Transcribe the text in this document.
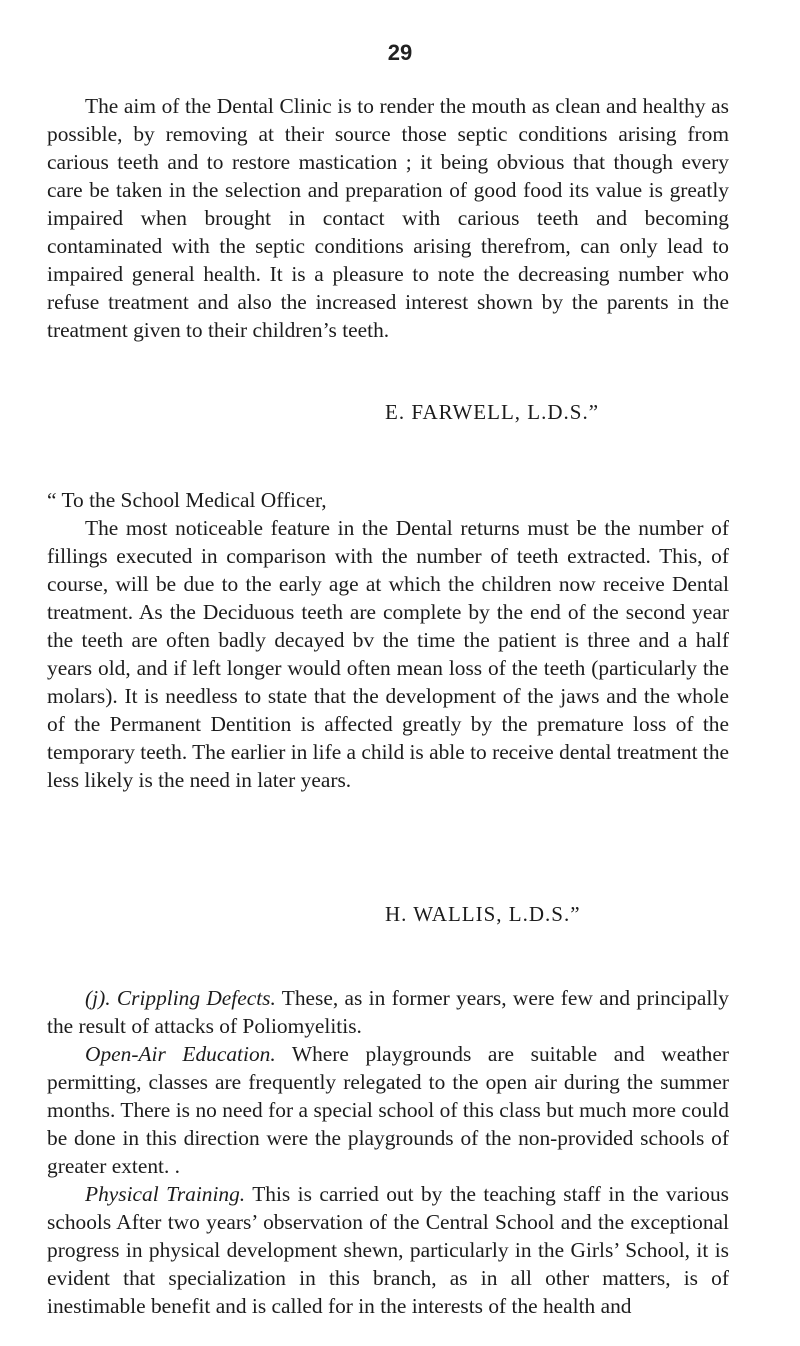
29

The aim of the Dental Clinic is to render the mouth as clean and healthy as possible, by removing at their source those septic conditions arising from carious teeth and to restore mastication ; it being obvious that though every care be taken in the selection and preparation of good food its value is greatly impaired when brought in contact with carious teeth and becoming contaminated with the septic conditions arising therefrom, can only lead to impaired general health. It is a pleasure to note the decreasing number who refuse treatment and also the increased interest shown by the parents in the treatment given to their children’s teeth.

E. FARWELL, L.D.S.”

“ To the School Medical Officer,

The most noticeable feature in the Dental returns must be the number of fillings executed in comparison with the number of teeth extracted. This, of course, will be due to the early age at which the children now receive Dental treatment. As the Deciduous teeth are complete by the end of the second year the teeth are often badly decayed bv the time the patient is three and a half years old, and if left longer would often mean loss of the teeth (particularly the molars). It is needless to state that the development of the jaws and the whole of the Permanent Dentition is affected greatly by the premature loss of the temporary teeth. The earlier in life a child is able to receive dental treatment the less likely is the need in later years.

H. WALLIS, L.D.S.”

(j). Crippling Defects. These, as in former years, were few and principally the result of attacks of Poliomyelitis.

Open-Air Education. Where playgrounds are suitable and weather permitting, classes are frequently relegated to the open air during the summer months. There is no need for a special school of this class but much more could be done in this direction were the playgrounds of the non-provided schools of greater extent. .

Physical Training. This is carried out by the teaching staff in the various schools After two years’ observation of the Central School and the exceptional progress in physical development shewn, particularly in the Girls’ School, it is evident that specialization in this branch, as in all other matters, is of inestimable benefit and is called for in the interests of the health and
